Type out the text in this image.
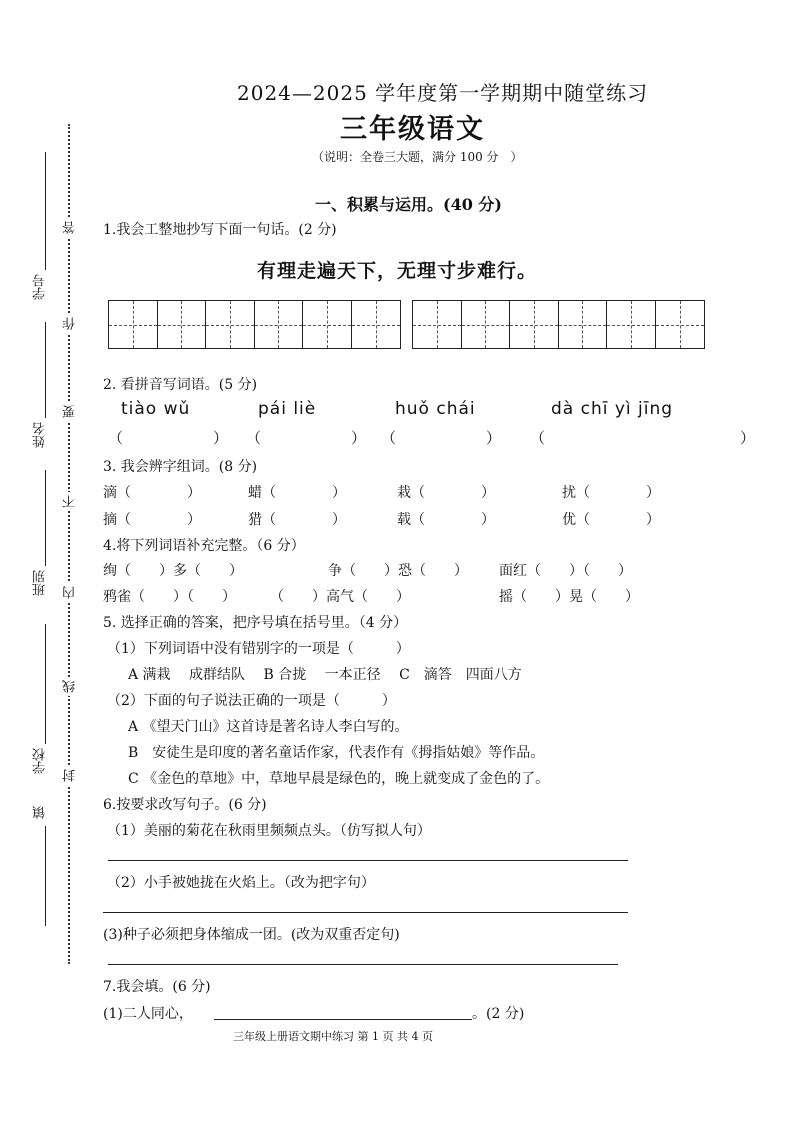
答
作
要
不
内
线
封
学号
姓名
班别
学校
镇
2024—2025 学年度第一学期期中随堂练习
三年级语文
（说明：全卷三大题，满分 100 分　）
一、积累与运用。(40 分)
1.我会工整地抄写下面一句话。(2 分)
有理走遍天下，无理寸步难行。
2. 看拼音写词语。(5 分)
tiào wǔ	pái liè	huǒ chái	dà chī yì jīng
（　　　　　　） （　　　　　　） （　　　　　　） （　　　　　　　　　　　　　）
3. 我会辨字组词。(8 分)
滴（　　　　）	蜡（　　　　）	栽（　　　　）	扰（　　　　）
摘（　　　　）	猎（　　　　）	载（　　　　）	优（　　　　）
4.将下列词语补充完整。（6 分）
绚（　　）多（　　）	争（　　）恐（　　） 面红（　　）（　　）
鸦雀（　　）（　　） （　　）高气（　　）	摇（　　）晃（　　）
5. 选择正确的答案，把序号填在括号里。（4 分）
（1）下列词语中没有错别字的一项是（　　　）
A 满栽　 成群结队　 B 合拢　 一本正径　 C　滴答　四面八方
（2）下面的句子说法正确的一项是（　　　）
A 《望天门山》这首诗是著名诗人李白写的。
B　安徒生是印度的著名童话作家，代表作有《拇指姑娘》等作品。
C 《金色的草地》中，草地早晨是绿色的，晚上就变成了金色的了。
6.按要求改写句子。(6 分)
（1）美丽的菊花在秋雨里频频点头。（仿写拟人句）
（2）小手被她拢在火焰上。（改为把字句）
(3)种子必须把身体缩成一团。(改为双重否定句)
7.我会填。(6 分)
(1)二人同心，	。(2 分)
三年级上册语文期中练习 第 1 页 共 4 页
